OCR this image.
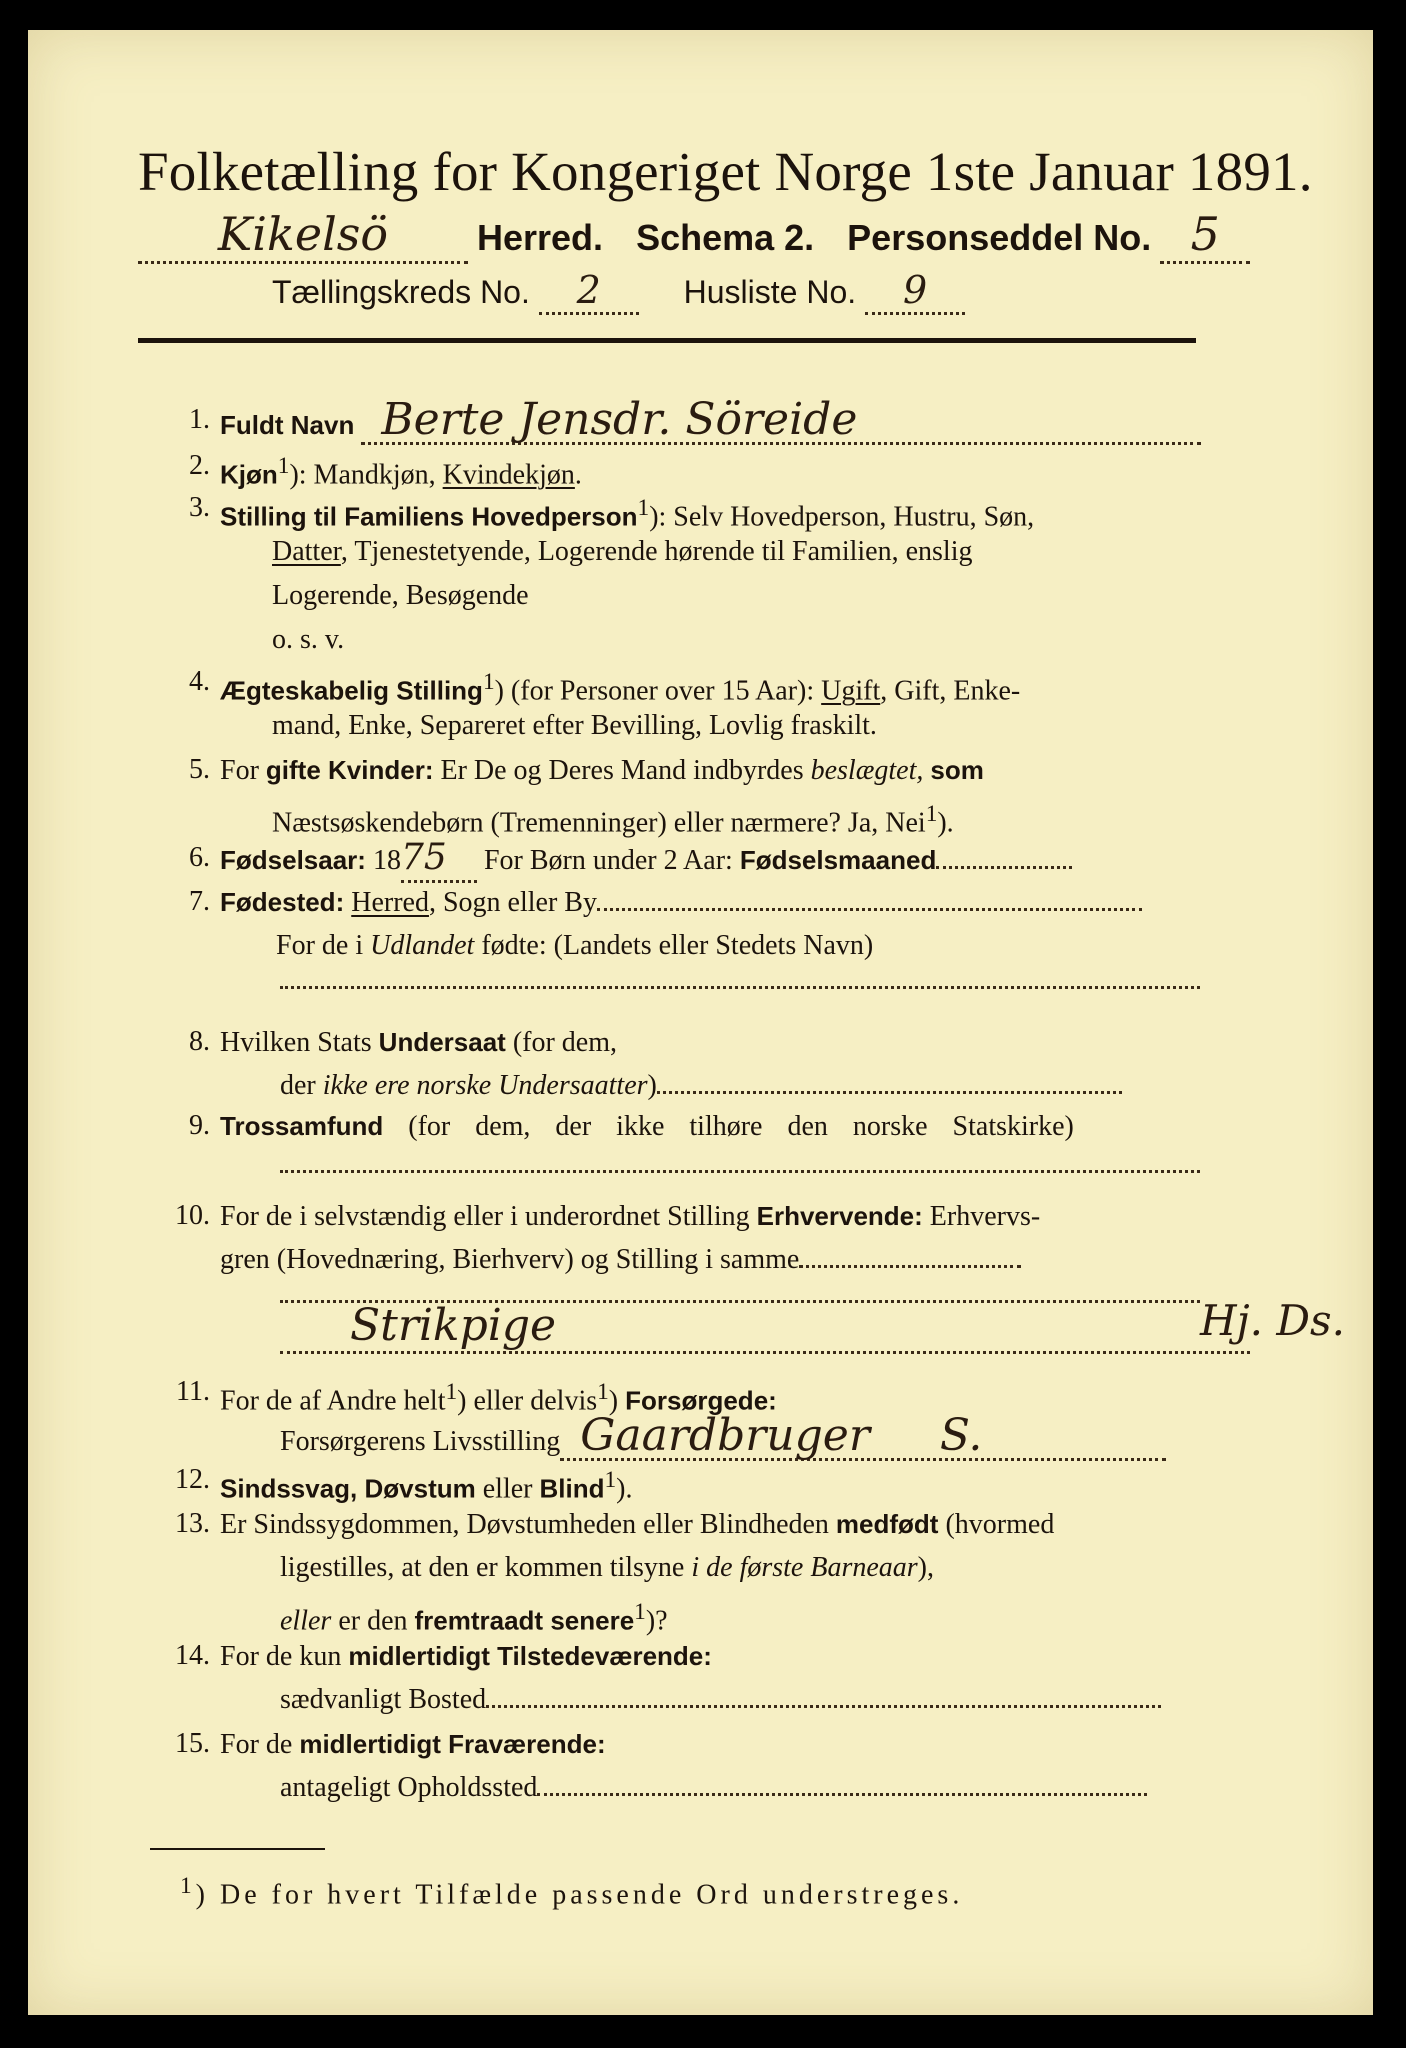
Folketælling for Kongeriget Norge 1ste Januar 1891.
Kikelsö Herred. Schema 2. Personseddel No. 5
Tællingskreds No. 2	Husliste No. 9
1. Fuldt Navn Berte Jensdr. Söreide
2. Kjøn$^1$): Mandkjøn, Kvindekjøn.
3. Stilling til Familiens Hovedperson$^1$): Selv Hovedperson, Hustru, Søn,
Datter, Tjenestetyende, Logerende hørende til Familien, enslig
Logerende, Besøgende
o. s. v.
4. Ægteskabelig Stilling$^1$) (for Personer over 15 Aar): Ugift, Gift, Enke-
mand, Enke, Separeret efter Bevilling, Lovlig fraskilt.
5. For gifte Kvinder: Er De og Deres Mand indbyrdes beslægtet, som
Næstsøskendebørn (Tremenninger) eller nærmere? Ja, Nei$^1$).
6. Fødselsaar: 1875 For Børn under 2 Aar: Fødselsmaaned
7. Fødested: Herred, Sogn eller By
For de i Udlandet fødte: (Landets eller Stedets Navn)
8. Hvilken Stats Undersaat (for dem,
der ikke ere norske Undersaatter)
9. Trossamfund (for dem, der ikke tilhøre den norske Statskirke)
10. For de i selvstændig eller i underordnet Stilling Erhvervende: Erhvervs-
gren (Hovednæring, Bierhverv) og Stilling i samme
Strikpige	Hj. Ds.
11. For de af Andre helt$^1$) eller delvis$^1$) Forsørgede:
Forsørgerens Livsstilling Gaardbruger S.
12. Sindssvag, Døvstum eller Blind$^1$).
13. Er Sindssygdommen, Døvstumheden eller Blindheden medfødt (hvormed
ligestilles, at den er kommen tilsyne i de første Barneaar),
eller er den fremtraadt senere$^1$)?
14. For de kun midlertidigt Tilstedeværende:
sædvanligt Bosted
15. For de midlertidigt Fraværende:
antageligt Opholdssted
$^1$) De for hvert Tilfælde passende Ord understreges.
